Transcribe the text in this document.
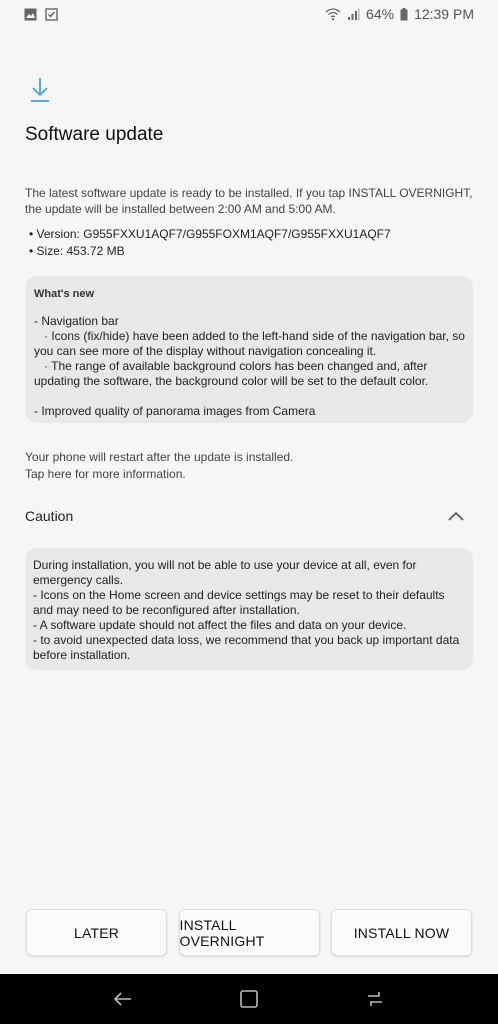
64% 12:39 PM
Software update
The latest software update is ready to be installed. If you tap INSTALL OVERNIGHT, the update will be installed between 2:00 AM and 5:00 AM.
• Version: G955FXXU1AQF7/G955FOXM1AQF7/G955FXXU1AQF7
• Size: 453.72 MB
What's new

- Navigation bar
· Icons (fix/hide) have been added to the left-hand side of the navigation bar, so you can see more of the display without navigation concealing it.
· The range of available background colors has been changed and, after updating the software, the background color will be set to the default color.

- Improved quality of panorama images from Camera

Your phone will restart after the update is installed.
Tap here for more information.
Caution

During installation, you will not be able to use your device at all, even for emergency calls.
- Icons on the Home screen and device settings may be reset to their defaults and may need to be reconfigured after installation.
- A software update should not affect the files and data on your device.
- to avoid unexpected data loss, we recommend that you back up important data before installation.

LATER	INSTALL OVERNIGHT	INSTALL NOW
